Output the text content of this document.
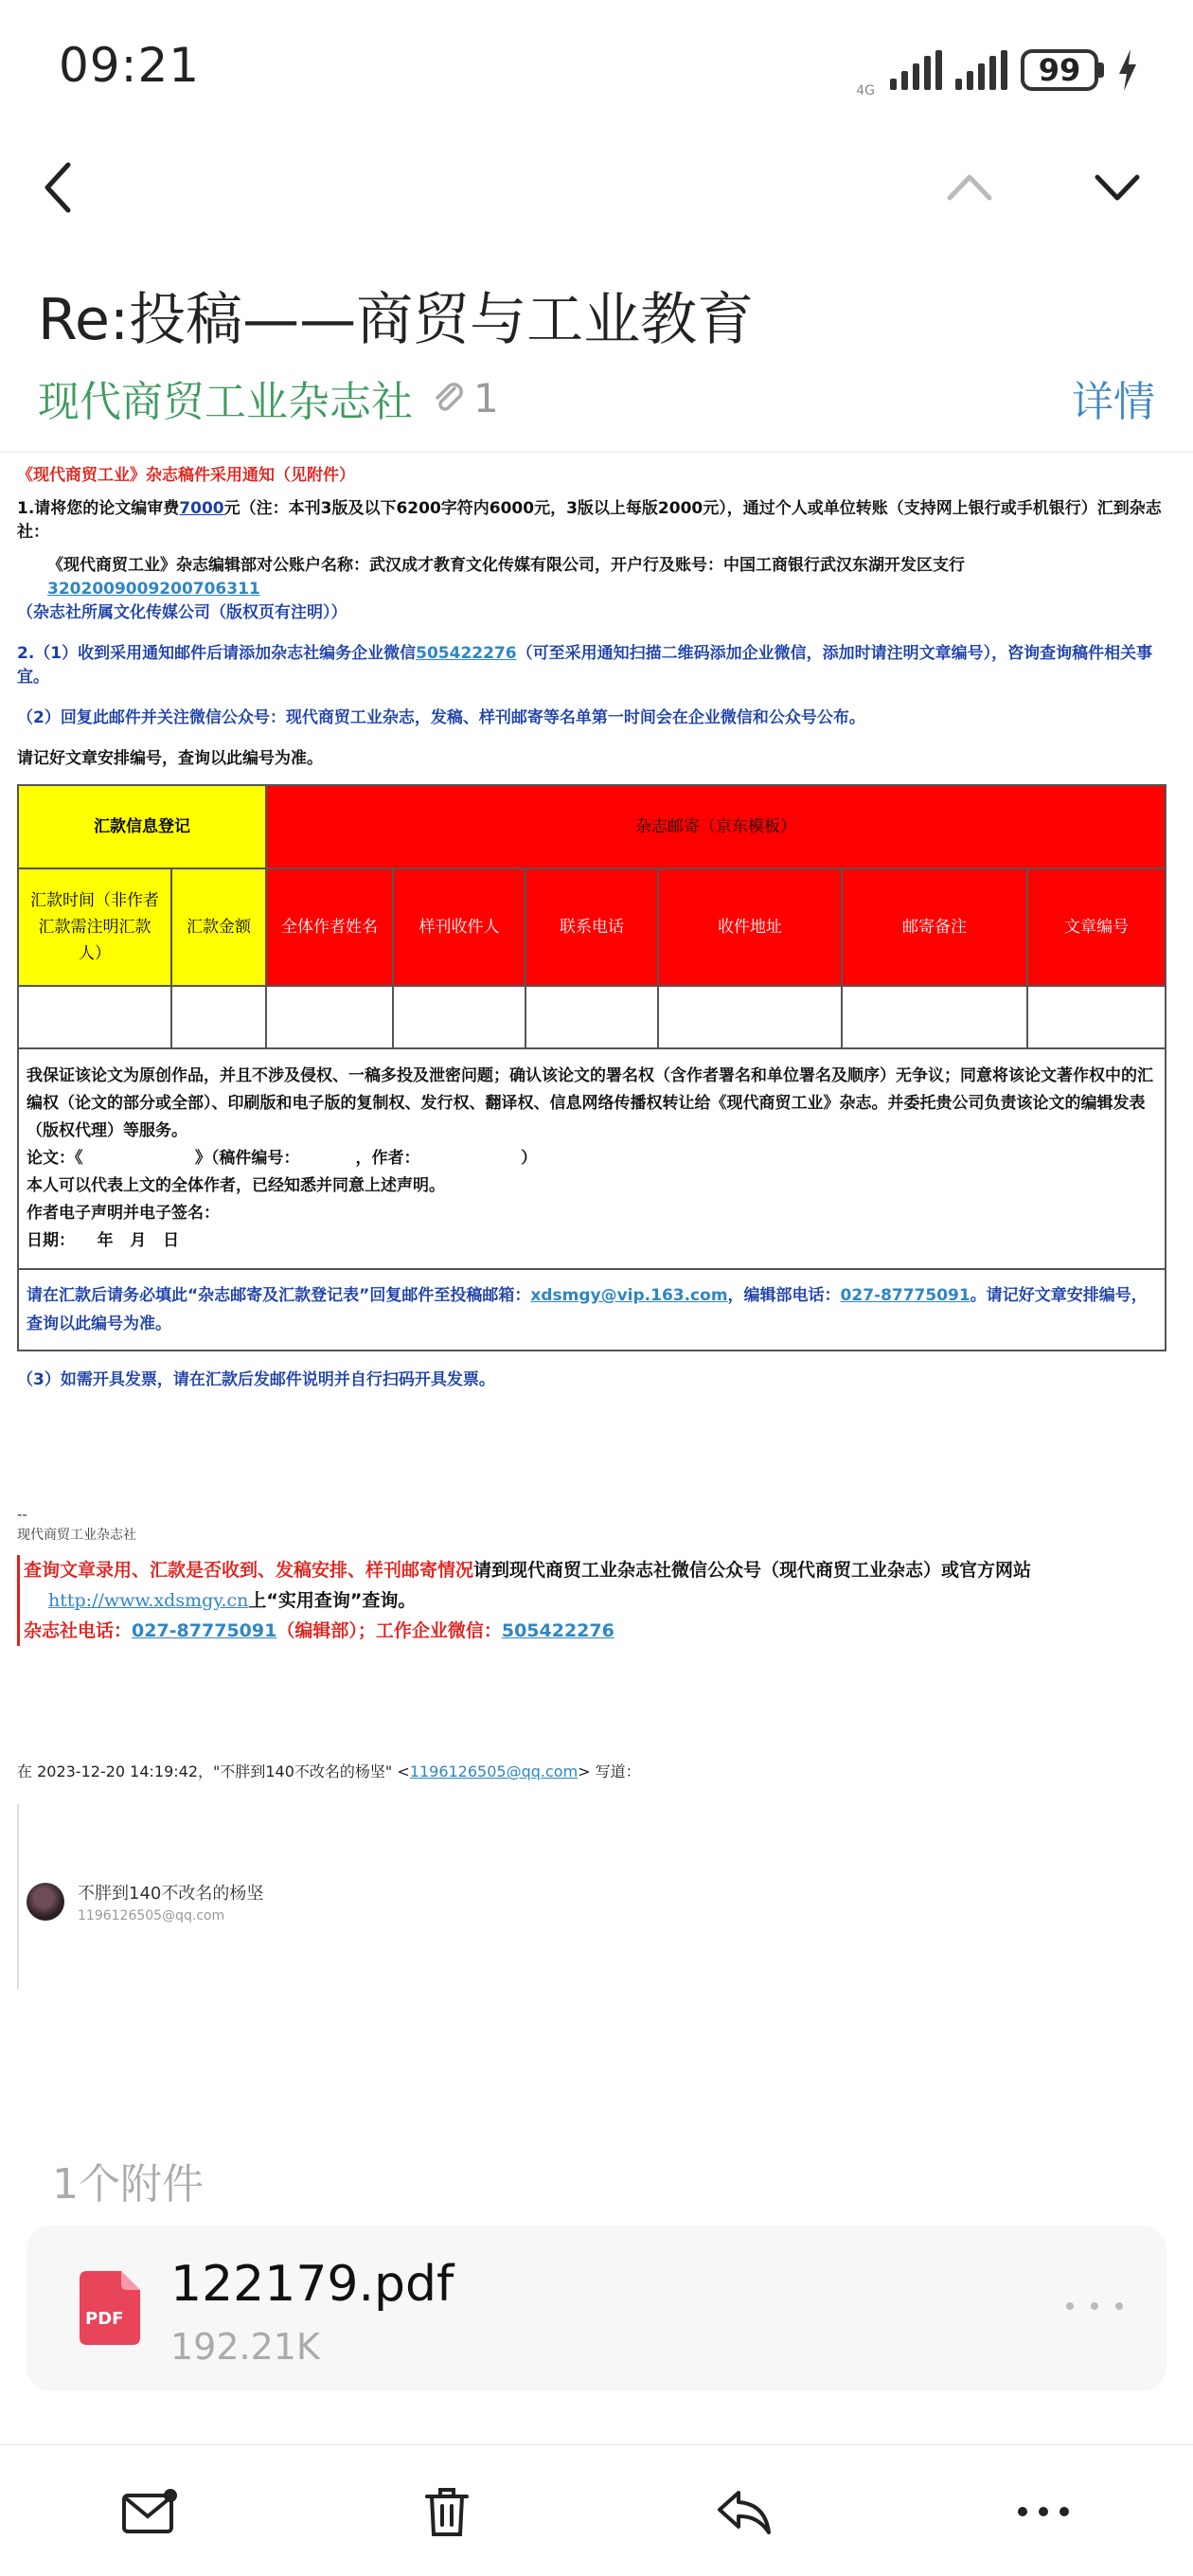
09:21	4G
99
Re:投稿——商贸与工业教育
现代商贸工业杂志社 1	详情
《现代商贸工业》杂志稿件采用通知（见附件）
1.请将您的论文编审费7000元（注：本刊3版及以下6200字符内6000元，3版以上每版2000元），通过个人或单位转账（支持网上银行或手机银行）汇到杂志社：
《现代商贸工业》杂志编辑部对公账户名称：武汉成才教育文化传媒有限公司，开户行及账号：中国工商银行武汉东湖开发区支行 3202009009200706311
（杂志社所属文化传媒公司（版权页有注明））
2.（1）收到采用通知邮件后请添加杂志社编务企业微信505422276（可至采用通知扫描二维码添加企业微信，添加时请注明文章编号），咨询查询稿件相关事宜。
（2）回复此邮件并关注微信公众号：现代商贸工业杂志，发稿、样刊邮寄等名单第一时间会在企业微信和公众号公布。
请记好文章安排编号，查询以此编号为准。
汇款信息登记		杂志邮寄（京东模板）					
汇款时间（非作者汇款需注明汇款人）	汇款金额	全体作者姓名	样刊收件人	联系电话	收件地址	邮寄备注	文章编号

我保证该论文为原创作品，并且不涉及侵权、一稿多投及泄密问题；确认该论文的署名权（含作者署名和单位署名及顺序）无争议；同意将该论文著作权中的汇编权（论文的部分或全部）、印刷版和电子版的复制权、发行权、翻译权、信息网络传播权转让给《现代商贸工业》杂志。并委托贵公司负责该论文的编辑发表（版权代理）等服务。
论文：《                    》（稿件编号：          ，作者：                  ）
本人可以代表上文的全体作者，已经知悉并同意上述声明。
作者电子声明并电子签名：
日期：    年   月   日							

请在汇款后请务必填此“杂志邮寄及汇款登记表”回复邮件至投稿邮箱：xdsmgy@vip.163.com，编辑部电话：027-87775091。请记好文章安排编号，查询以此编号为准。							
（3）如需开具发票，请在汇款后发邮件说明并自行扫码开具发票。
--
现代商贸工业杂志社
查询文章录用、汇款是否收到、发稿安排、样刊邮寄情况请到现代商贸工业杂志社微信公众号（现代商贸工业杂志）或官方网站
http://www.xdsmgy.cn上“实用查询”查询。
杂志社电话：027-87775091（编辑部）；工作企业微信：505422276
在 2023-12-20 14:19:42，"不胖到140不改名的杨坚" <1196126505@qq.com> 写道：
不胖到140不改名的杨坚
1196126505@qq.com
1个附件
PDF
122179.pdf
192.21K
